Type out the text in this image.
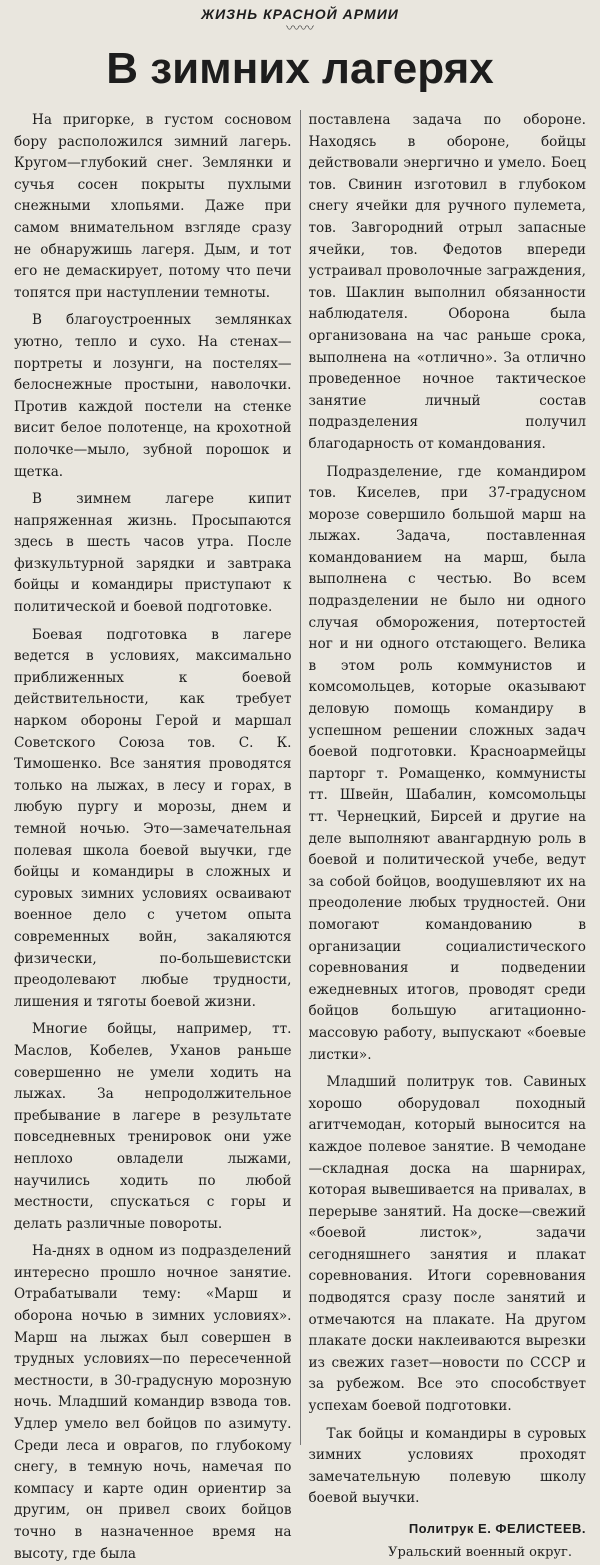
ЖИЗНЬ КРАСНОЙ АРМИИ
〰〰
В зимних лагерях

На пригорке, в густом сосновом бору расположился зимний лагерь. Кругом—глубокий снег. Землянки и сучья сосен покрыты пухлыми снежными хлопьями. Даже при самом внимательном взгляде сразу не обнаружишь лагеря. Дым, и тот его не демаскирует, потому что печи топятся при наступлении темноты.

В благоустроенных землянках уютно, тепло и сухо. На стенах—портреты и лозунги, на постелях—белоснежные простыни, наволочки. Против каждой постели на стенке висит белое полотенце, на крохотной полочке—мыло, зубной порошок и щетка.

В зимнем лагере кипит напряженная жизнь. Просыпаются здесь в шесть часов утра. После физкультурной зарядки и завтрака бойцы и командиры приступают к политической и боевой подготовке.

Боевая подготовка в лагере ведется в условиях, максимально приближенных к боевой действительности, как требует нарком обороны Герой и маршал Советского Союза тов. С. К. Тимошенко. Все занятия проводятся только на лыжах, в лесу и горах, в любую пургу и морозы, днем и темной ночью. Это—замечательная полевая школа боевой выучки, где бойцы и командиры в сложных и суровых зимних условиях осваивают военное дело с учетом опыта современных войн, закаляются физически, по-большевистски преодолевают любые трудности, лишения и тяготы боевой жизни.

Многие бойцы, например, тт. Маслов, Кобелев, Уханов раньше совершенно не умели ходить на лыжах. За непродолжительное пребывание в лагере в результате повседневных тренировок они уже неплохо овладели лыжами, научились ходить по любой местности, спускаться с горы и делать различные повороты.

На-днях в одном из подразделений интересно прошло ночное занятие. Отрабатывали тему: «Марш и оборона ночью в зимних условиях». Марш на лыжах был совершен в трудных условиях—по пересеченной местности, в 30-градусную морозную ночь. Младший командир взвода тов. Удлер умело вел бойцов по азимуту. Среди леса и оврагов, по глубокому снегу, в темную ночь, намечая по компасу и карте один ориентир за другим, он привел своих бойцов точно в назначенное время на высоту, где была

поставлена задача по обороне. Находясь в обороне, бойцы действовали энергично и умело. Боец тов. Свинин изготовил в глубоком снегу ячейки для ручного пулемета, тов. Завгородний отрыл запасные ячейки, тов. Федотов впереди устраивал проволочные заграждения, тов. Шаклин выполнил обязанности наблюдателя. Оборона была организована на час раньше срока, выполнена на «отлично». За отлично проведенное ночное тактическое занятие личный состав подразделения получил благодарность от командования.

Подразделение, где командиром тов. Киселев, при 37-градусном морозе совершило большой марш на лыжах. Задача, поставленная командованием на марш, была выполнена с честью. Во всем подразделении не было ни одного случая обморожения, потертостей ног и ни одного отстающего. Велика в этом роль коммунистов и комсомольцев, которые оказывают деловую помощь командиру в успешном решении сложных задач боевой подготовки. Красноармейцы парторг т. Ромащенко, коммунисты тт. Швейн, Шабалин, комсомольцы тт. Чернецкий, Бирсей и другие на деле выполняют авангардную роль в боевой и политической учебе, ведут за собой бойцов, воодушевляют их на преодоление любых трудностей. Они помогают командованию в организации социалистического соревнования и подведении ежедневных итогов, проводят среди бойцов большую агитационно-массовую работу, выпускают «боевые листки».

Младший политрук тов. Савиных хорошо оборудовал походный агитчемодан, который выносится на каждое полевое занятие. В чемодане—складная доска на шарнирах, которая вывешивается на привалах, в перерыве занятий. На доске—свежий «боевой листок», задачи сегодняшнего занятия и плакат соревнования. Итоги соревнования подводятся сразу после занятий и отмечаются на плакате. На другом плакате доски наклеиваются вырезки из свежих газет—новости по СССР и за рубежом. Все это способствует успехам боевой подготовки.

Так бойцы и командиры в суровых зимних условиях проходят замечательную полевую школу боевой выучки.

Политрук Е. ФЕЛИСТЕЕВ.
Уральский военный округ.
